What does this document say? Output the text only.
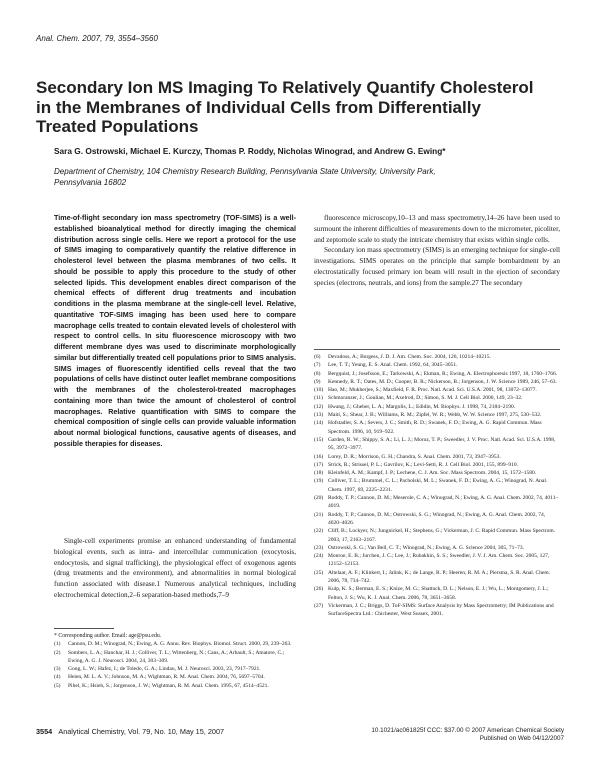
Anal. Chem. 2007, 79, 3554–3560
Secondary Ion MS Imaging To Relatively Quantify Cholesterol in the Membranes of Individual Cells from Differentially Treated Populations
Sara G. Ostrowski, Michael E. Kurczy, Thomas P. Roddy, Nicholas Winograd, and Andrew G. Ewing*
Department of Chemistry, 104 Chemistry Research Building, Pennsylvania State University, University Park, Pennsylvania 16802
Time-of-flight secondary ion mass spectrometry (TOF-SIMS) is a well-established bioanalytical method for directly imaging the chemical distribution across single cells. Here we report a protocol for the use of SIMS imaging to comparatively quantify the relative difference in cholesterol level between the plasma membranes of two cells. It should be possible to apply this procedure to the study of other selected lipids. This development enables direct comparison of the chemical effects of different drug treatments and incubation conditions in the plasma membrane at the single-cell level. Relative, quantitative TOF-SIMS imaging has been used here to compare macrophage cells treated to contain elevated levels of cholesterol with respect to control cells. In situ fluorescence microscopy with two different membrane dyes was used to discriminate morphologically similar but differentially treated cell populations prior to SIMS analysis. SIMS images of fluorescently identified cells reveal that the two populations of cells have distinct outer leaflet membrane compositions with the membranes of the cholesterol-treated macrophages containing more than twice the amount of cholesterol of control macrophages. Relative quantification with SIMS to compare the chemical composition of single cells can provide valuable information about normal biological functions, causative agents of diseases, and possible therapies for diseases.

Single-cell experiments promise an enhanced understanding of fundamental biological events, such as intra- and intercellular communication (exocytosis, endocytosis, and signal trafficking), the physiological effect of exogenous agents (drug treatments and the environment), and abnormalities in normal biological function associated with disease.1 Numerous analytical techniques, including electrochemical detection,2–6 separation-based methods,7–9

* Corresponding author. Email: age@psu.edu.
(1) Cannon, D. M.; Winograd, N.; Ewing, A. G. Annu. Rev. Biophys. Biomol. Struct. 2000, 29, 239–263.
(2) Sombers, L. A.; Hanchar, H. J.; Colliver, T. L.; Wittenberg, N.; Cans, A.; Arbault, S.; Amatore, C.; Ewing, A. G. J. Neurosci. 2004, 24, 303–309.
(3) Gong, L. W.; Hafez, I.; de Toledo, G. A.; Lindau, M. J. Neurosci. 2003, 23, 7917–7921.
(4) Heien, M. L. A. V.; Johnson, M. A.; Wightman, R. M. Anal. Chem. 2004, 76, 5697–5704.
(5) Pihel, K.; Hsieh, S.; Jorgenson, J. W.; Wightman, R. M. Anal. Chem. 1995, 67, 4514–4521.

fluorescence microscopy,10–13 and mass spectrometry,14–26 have been used to surmount the inherent difficulties of measurements down to the micrometer, picoliter, and zeptomole scale to study the intricate chemistry that exists within single cells.

Secondary ion mass spectrometry (SIMS) is an emerging technique for single-cell investigations. SIMS operates on the principle that sample bombardment by an electrostatically focused primary ion beam will result in the ejection of secondary species (electrons, neutrals, and ions) from the sample.27 The secondary

(6) Devadoss, A.; Burgess, J. D. J. Am. Chem. Soc. 2004, 126, 10214–10215.
(7) Lee, T. T.; Yeung, E. S. Anal. Chem. 1992, 64, 3045–3051.
(8) Bergquist, J.; Josefsson, E.; Tarkowski, A.; Ekman, R.; Ewing, A. Electrophoresis 1997, 18, 1760–1766.
(9) Kennedy, R. T.; Oates, M. D.; Cooper, B. R.; Nickerson, B.; Jorgenson, J. W. Science 1989, 246, 57–63.
(10) Hao, M.; Mukherjee, S.; Maxfield, F. R. Proc. Natl. Acad. Sci. U.S.A. 2001, 98, 13072–13077.
(11) Schmoranzer, J.; Goulian, M.; Axelrod, D.; Simon, S. M. J. Cell Biol. 2000, 149, 23–32.
(12) Hwang, J.; Gheber, L. A.; Margolis, L.; Edidin, M. Biophys. J. 1998, 74, 2184–2190.
(13) Maiti, S.; Shear, J. B.; Williams, R. M.; Zipfel, W. R.; Webb, W. W. Science 1997, 275, 530–532.
(14) Hofstadler, S. A.; Severs, J. C.; Smith, R. D.; Swanek, F. D.; Ewing, A. G. Rapid Commun. Mass Spectrom. 1996, 10, 919–922.
(15) Garden, R. W.; Shippy, S. A.; Li, L. J.; Moroz, T. P.; Sweedler, J. V. Proc. Natl. Acad. Sci. U.S.A. 1998, 95, 3972–3977.
(16) Lorey, D. R.; Morrison, G. H.; Chandra, S. Anal. Chem. 2001, 73, 3947–3953.
(17) Strick, R.; Strissel, P. L.; Gavrilov, K.; Levi-Setti, R. J. Cell Biol. 2001, 155, 899–910.
(18) Kleinfeld, A. M.; Kampf, J. P.; Lechene, C. J. Am. Soc. Mass Spectrom. 2004, 15, 1572–1580.
(19) Colliver, T. L.; Brummel, C. L.; Pacholski, M. L.; Swanek, F. D.; Ewing, A. G.; Winograd, N. Anal. Chem. 1997, 69, 2225–2231.
(20) Roddy, T. P.; Cannon, D. M.; Meserole, C. A.; Winograd, N.; Ewing, A. G. Anal. Chem. 2002, 74, 4011–4019.
(21) Roddy, T. P.; Cannon, D. M.; Ostrowski, S. G.; Winograd, N.; Ewing, A. G. Anal. Chem. 2002, 74, 4020–4026.
(22) Cliff, B.; Lockyer, N.; Jungnickel, H.; Stephens, G.; Vickerman, J. C. Rapid Commun. Mass Spectrom. 2003, 17, 2163–2167.
(23) Ostrowski, S. G.; Van Bell, C. T.; Winograd, N.; Ewing, A. G. Science 2004, 305, 71–73.
(24) Monroe, E. B.; Jurchen, J. C.; Lee, J.; Rubakhin, S. S.; Sweedler, J. V. J. Am. Chem. Soc. 2005, 127, 12152–12153.
(25) Altelaar, A. F.; Klinkert, I.; Jalink, K.; de Lange, R. P.; Heeren, R. M. A.; Piersma, S. R. Anal. Chem. 2006, 78, 734–742.
(26) Kulp, K. S.; Berman, E. S.; Knize, M. G.; Shattuck, D. L.; Nelson, E. J.; Wu, L.; Montgomery, J. L.; Felton, J. S.; Wu, K. J. Anal. Chem. 2006, 78, 3651–3658.
(27) Vickerman, J. C.; Briggs, D. ToF-SIMS: Surface Analysis by Mass Spectrometry; IM Publications and SurfaceSpectra Ltd.: Chichester, West Sussex, 2001.
3554 Analytical Chemistry, Vol. 79, No. 10, May 15, 2007	10.1021/ac061825f CCC: $37.00 © 2007 American Chemical Society
Published on Web 04/12/2007
